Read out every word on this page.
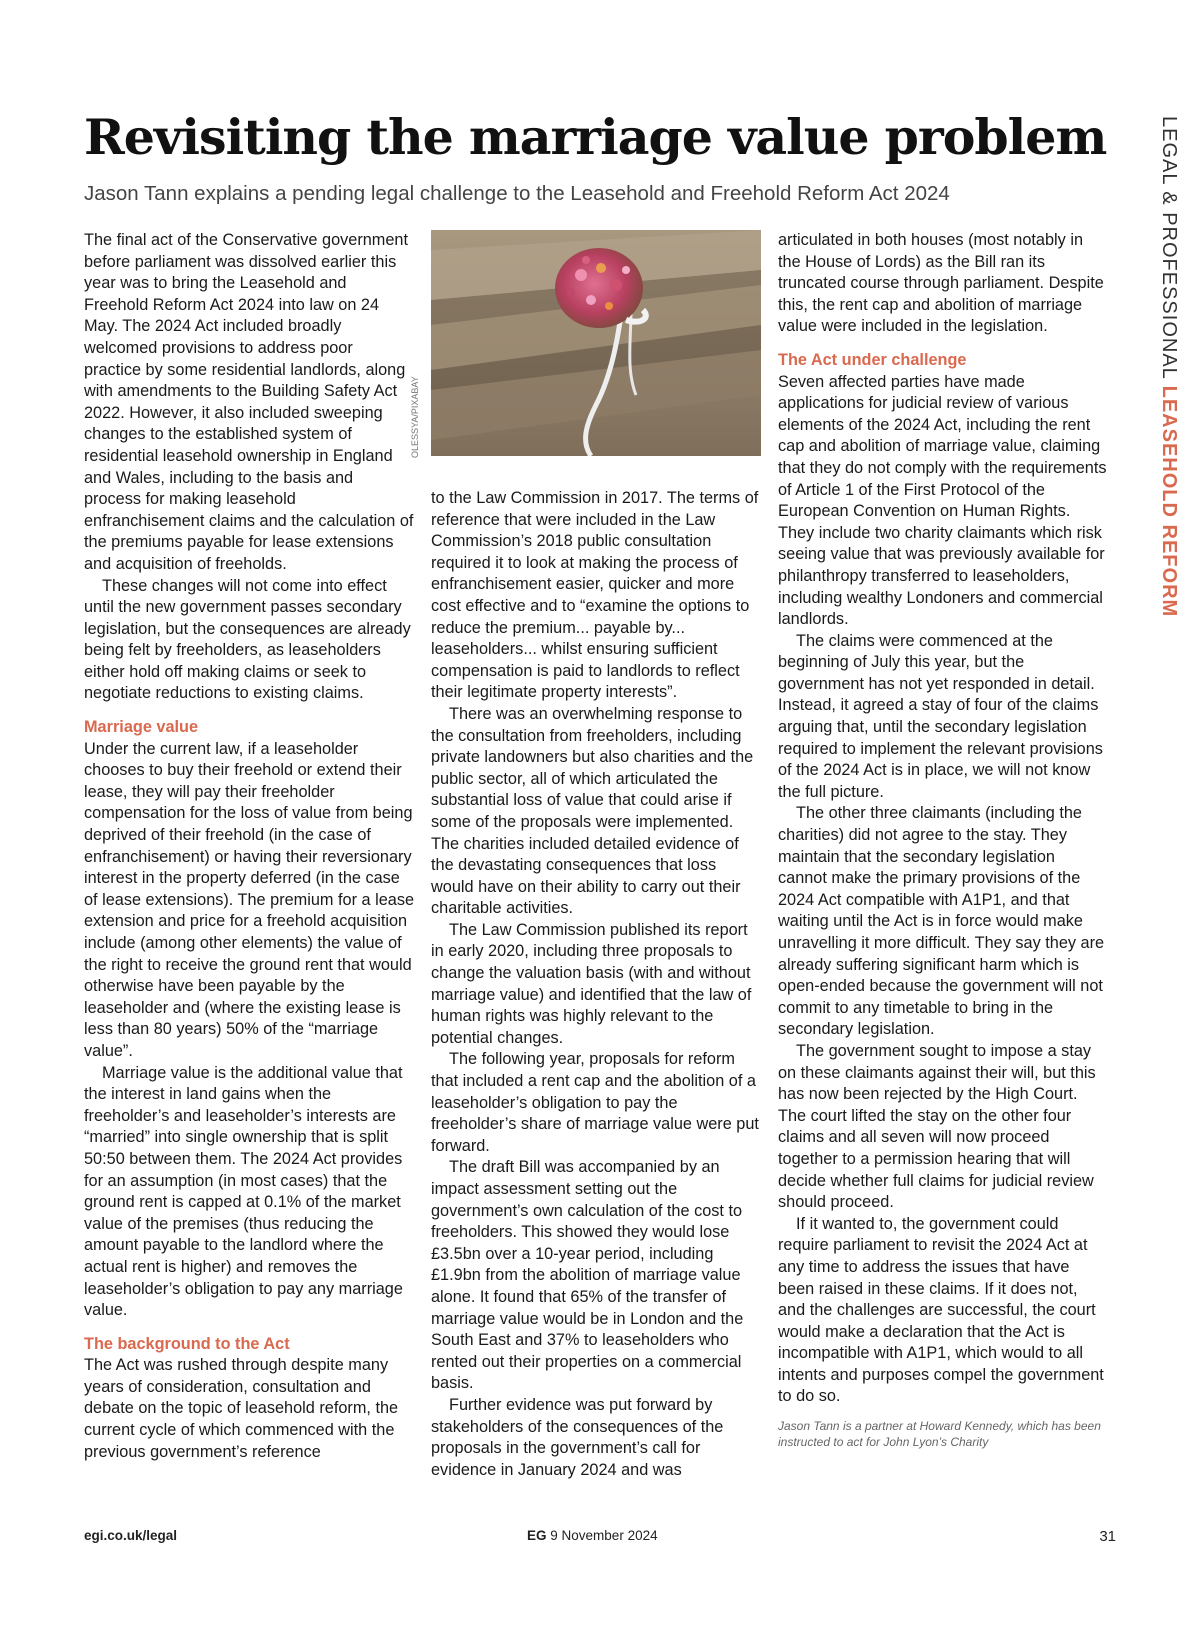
LEGAL & PROFESSIONAL LEASEHOLD REFORM
Revisiting the marriage value problem
Jason Tann explains a pending legal challenge to the Leasehold and Freehold Reform Act 2024

The final act of the Conservative government before parliament was dissolved earlier this year was to bring the Leasehold and Freehold Reform Act 2024 into law on 24 May. The 2024 Act included broadly welcomed provisions to address poor practice by some residential landlords, along with amendments to the Building Safety Act 2022. However, it also included sweeping changes to the established system of residential leasehold ownership in England and Wales, including to the basis and process for making leasehold enfranchisement claims and the calculation of the premiums payable for lease extensions and acquisition of freeholds.

These changes will not come into effect until the new government passes secondary legislation, but the consequences are already being felt by freeholders, as leaseholders either hold off making claims or seek to negotiate reductions to existing claims.

Marriage value

Under the current law, if a leaseholder chooses to buy their freehold or extend their lease, they will pay their freeholder compensation for the loss of value from being deprived of their freehold (in the case of enfranchisement) or having their reversionary interest in the property deferred (in the case of lease extensions). The premium for a lease extension and price for a freehold acquisition include (among other elements) the value of the right to receive the ground rent that would otherwise have been payable by the leaseholder and (where the existing lease is less than 80 years) 50% of the “marriage value”.

Marriage value is the additional value that the interest in land gains when the freeholder’s and leaseholder’s interests are “married” into single ownership that is split 50:50 between them. The 2024 Act provides for an assumption (in most cases) that the ground rent is capped at 0.1% of the market value of the premises (thus reducing the amount payable to the landlord where the actual rent is higher) and removes the leaseholder’s obligation to pay any marriage value.

The background to the Act

The Act was rushed through despite many years of consideration, consultation and debate on the topic of leasehold reform, the current cycle of which commenced with the previous government’s reference

OLESSYA/PIXABAY

to the Law Commission in 2017. The terms of reference that were included in the Law Commission’s 2018 public consultation required it to look at making the process of enfranchisement easier, quicker and more cost effective and to “examine the options to reduce the premium... payable by... leaseholders... whilst ensuring sufficient compensation is paid to landlords to reflect their legitimate property interests”.

There was an overwhelming response to the consultation from freeholders, including private landowners but also charities and the public sector, all of which articulated the substantial loss of value that could arise if some of the proposals were implemented. The charities included detailed evidence of the devastating consequences that loss would have on their ability to carry out their charitable activities.

The Law Commission published its report in early 2020, including three proposals to change the valuation basis (with and without marriage value) and identified that the law of human rights was highly relevant to the potential changes.

The following year, proposals for reform that included a rent cap and the abolition of a leaseholder’s obligation to pay the freeholder’s share of marriage value were put forward.

The draft Bill was accompanied by an impact assessment setting out the government’s own calculation of the cost to freeholders. This showed they would lose £3.5bn over a 10-year period, including £1.9bn from the abolition of marriage value alone. It found that 65% of the transfer of marriage value would be in London and the South East and 37% to leaseholders who rented out their properties on a commercial basis.

Further evidence was put forward by stakeholders of the consequences of the proposals in the government’s call for evidence in January 2024 and was

articulated in both houses (most notably in the House of Lords) as the Bill ran its truncated course through parliament. Despite this, the rent cap and abolition of marriage value were included in the legislation.

The Act under challenge

Seven affected parties have made applications for judicial review of various elements of the 2024 Act, including the rent cap and abolition of marriage value, claiming that they do not comply with the requirements of Article 1 of the First Protocol of the European Convention on Human Rights. They include two charity claimants which risk seeing value that was previously available for philanthropy transferred to leaseholders, including wealthy Londoners and commercial landlords.

The claims were commenced at the beginning of July this year, but the government has not yet responded in detail. Instead, it agreed a stay of four of the claims arguing that, until the secondary legislation required to implement the relevant provisions of the 2024 Act is in place, we will not know the full picture.

The other three claimants (including the charities) did not agree to the stay. They maintain that the secondary legislation cannot make the primary provisions of the 2024 Act compatible with A1P1, and that waiting until the Act is in force would make unravelling it more difficult. They say they are already suffering significant harm which is open-ended because the government will not commit to any timetable to bring in the secondary legislation.

The government sought to impose a stay on these claimants against their will, but this has now been rejected by the High Court. The court lifted the stay on the other four claims and all seven will now proceed together to a permission hearing that will decide whether full claims for judicial review should proceed.

If it wanted to, the government could require parliament to revisit the 2024 Act at any time to address the issues that have been raised in these claims. If it does not, and the challenges are successful, the court would make a declaration that the Act is incompatible with A1P1, which would to all intents and purposes compel the government to do so.

Jason Tann is a partner at Howard Kennedy, which has been instructed to act for John Lyon’s Charity

egi.co.uk/legal	EG 9 November 2024	31
